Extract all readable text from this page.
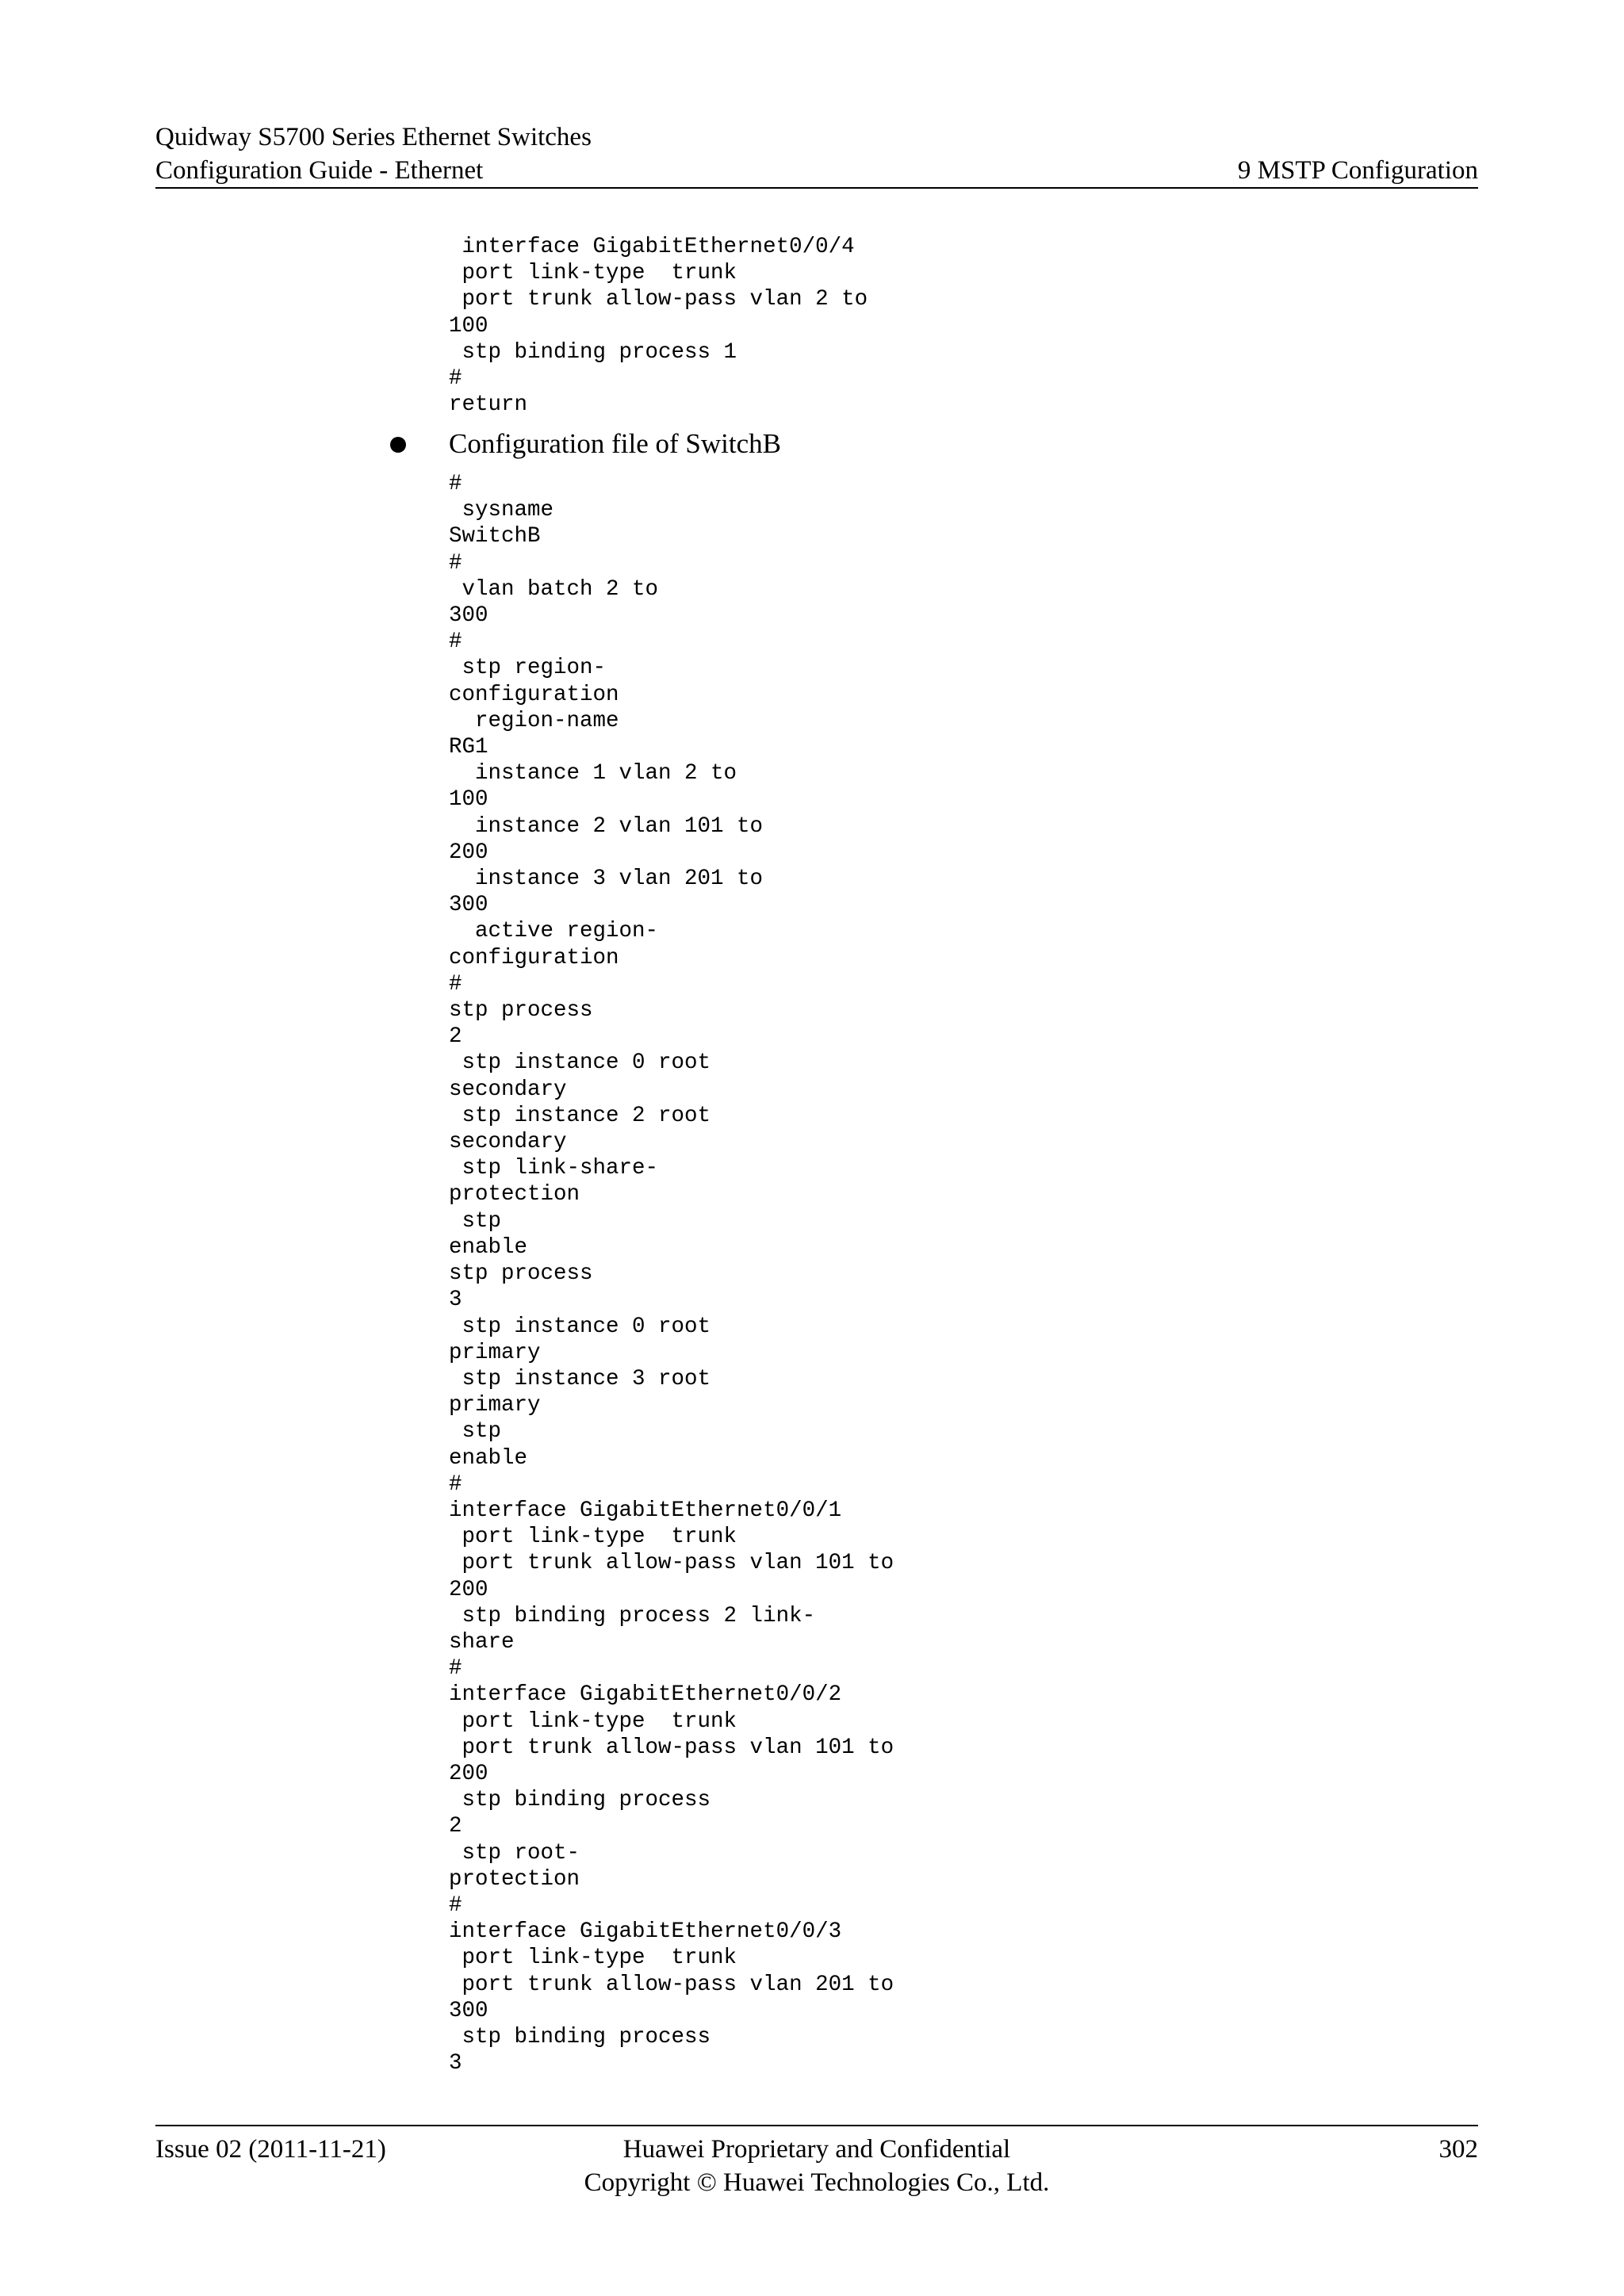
Quidway S5700 Series Ethernet Switches
Configuration Guide - Ethernet	9 MSTP Configuration
interface GigabitEthernet0/0/4
port link-type  trunk
port trunk allow-pass vlan 2 to
100
stp binding process 1
#
return
Configuration file of SwitchB
#
sysname
SwitchB
#
vlan batch 2 to
300
#
stp region-
configuration
region-name
RG1
instance 1 vlan 2 to
100
instance 2 vlan 101 to
200
instance 3 vlan 201 to
300
active region-
configuration
#
stp process
2
stp instance 0 root
secondary
stp instance 2 root
secondary
stp link-share-
protection
stp
enable
stp process
3
stp instance 0 root
primary
stp instance 3 root
primary
stp
enable
#
interface GigabitEthernet0/0/1
port link-type  trunk
port trunk allow-pass vlan 101 to
200
stp binding process 2 link-
share
#
interface GigabitEthernet0/0/2
port link-type  trunk
port trunk allow-pass vlan 101 to
200
stp binding process
2
stp root-
protection
#
interface GigabitEthernet0/0/3
port link-type  trunk
port trunk allow-pass vlan 201 to
300
stp binding process
3
Issue 02 (2011-11-21)	Huawei Proprietary and Confidential
Copyright © Huawei Technologies Co., Ltd.
302
